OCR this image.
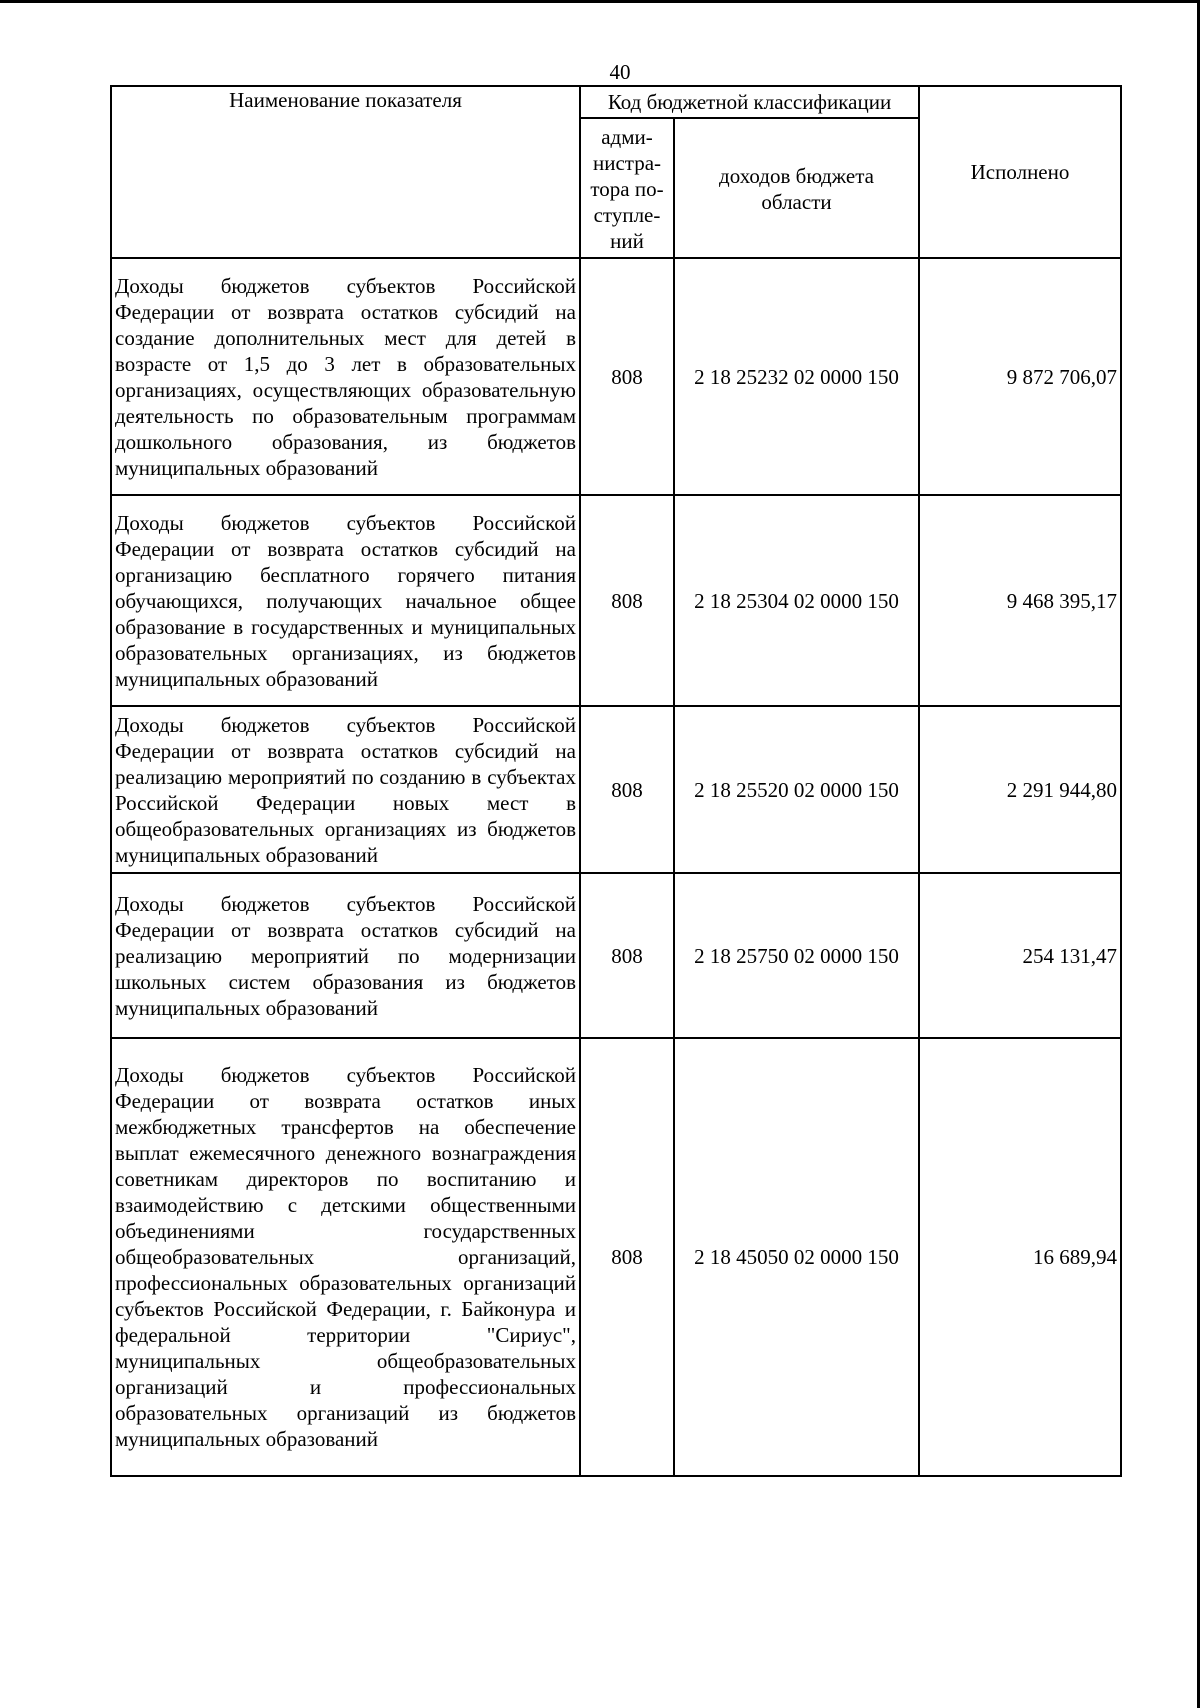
40
Наименование показателя	Код бюджетной классификации		Исполнено
	адми-
нистра-
тора по-
ступле-
ний	доходов бюджета
области	
Доходы бюджетов субъектов Российской Федерации от возврата остатков субсидий на создание дополнительных мест для детей в возрасте от 1,5 до 3 лет в образовательных организациях, осуществляющих образовательную деятельность по образовательным программам дошкольного образования, из бюджетов муниципальных образований	808	2 18 25232 02 0000 150	9 872 706,07
Доходы бюджетов субъектов Российской Федерации от возврата остатков субсидий на организацию бесплатного горячего питания обучающихся, получающих начальное общее образование в государственных и муниципальных образовательных организациях, из бюджетов муниципальных образований	808	2 18 25304 02 0000 150	9 468 395,17
Доходы бюджетов субъектов Российской Федерации от возврата остатков субсидий на реализацию мероприятий по созданию в субъектах Российской Федерации новых мест в общеобразовательных организациях из бюджетов муниципальных образований	808	2 18 25520 02 0000 150	2 291 944,80
Доходы бюджетов субъектов Российской Федерации от возврата остатков субсидий на реализацию мероприятий по модернизации школьных систем образования из бюджетов муниципальных образований	808	2 18 25750 02 0000 150	254 131,47
Доходы бюджетов субъектов Российской Федерации от возврата остатков иных межбюджетных трансфертов на обеспечение выплат ежемесячного денежного вознаграждения советникам директоров по воспитанию и взаимодействию с детскими общественными объединениями государственных общеобразовательных организаций, профессиональных образовательных организаций субъектов Российской Федерации, г. Байконура и федеральной территории "Сириус", муниципальных общеобразовательных организаций и профессиональных образовательных организаций из бюджетов муниципальных образований	808	2 18 45050 02 0000 150	16 689,94
